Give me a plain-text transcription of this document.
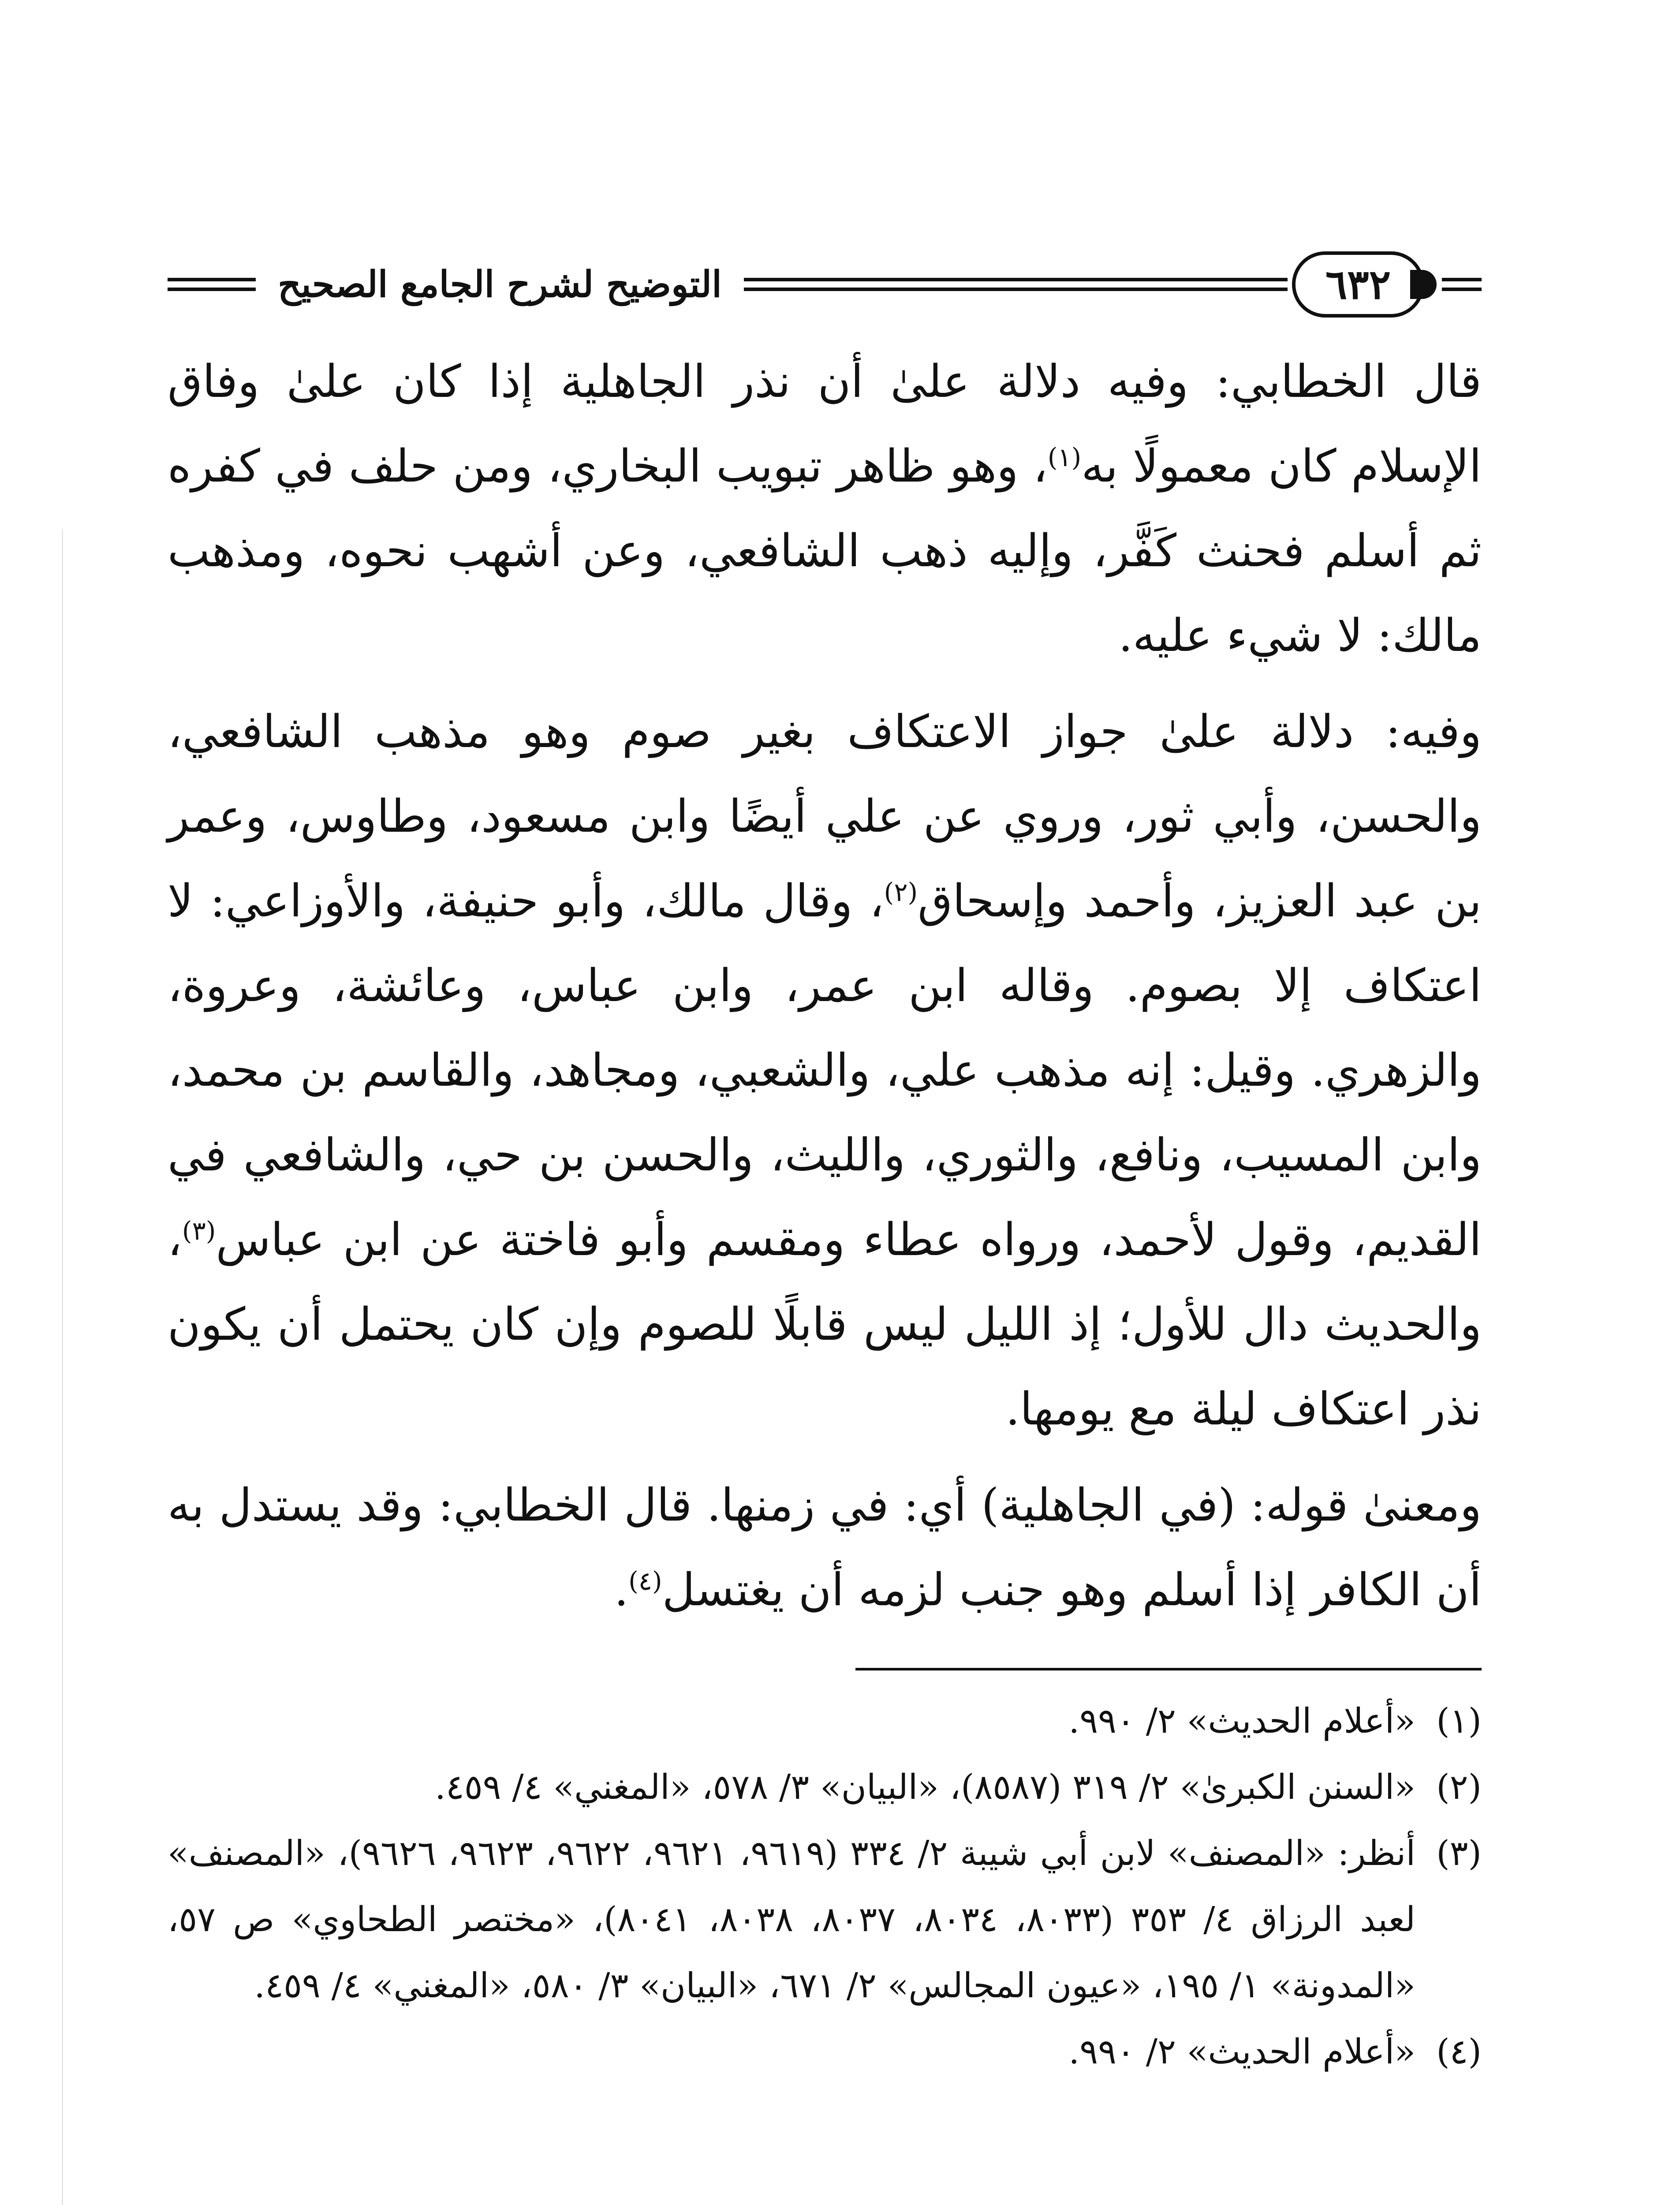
التوضيح لشرح الجامع الصحيح	٦٣٢

قال الخطابي: وفيه دلالة علىٰ أن نذر الجاهلية إذا كان علىٰ وفاق الإسلام كان معمولًا به$^{(١)}$، وهو ظاهر تبويب البخاري، ومن حلف في كفره ثم أسلم فحنث كَفَّر، وإليه ذهب الشافعي، وعن أشهب نحوه، ومذهب مالك: لا شيء عليه.

وفيه: دلالة علىٰ جواز الاعتكاف بغير صوم وهو مذهب الشافعي، والحسن، وأبي ثور، وروي عن علي أيضًا وابن مسعود، وطاوس، وعمر بن عبد العزيز، وأحمد وإسحاق$^{(٢)}$، وقال مالك، وأبو حنيفة، والأوزاعي: لا اعتكاف إلا بصوم. وقاله ابن عمر، وابن عباس، وعائشة، وعروة، والزهري. وقيل: إنه مذهب علي، والشعبي، ومجاهد، والقاسم بن محمد، وابن المسيب، ونافع، والثوري، والليث، والحسن بن حي، والشافعي في القديم، وقول لأحمد، ورواه عطاء ومقسم وأبو فاختة عن ابن عباس$^{(٣)}$، والحديث دال للأول؛ إذ الليل ليس قابلًا للصوم وإن كان يحتمل أن يكون نذر اعتكاف ليلة مع يومها.

ومعنىٰ قوله: (في الجاهلية) أي: في زمنها. قال الخطابي: وقد يستدل به أن الكافر إذا أسلم وهو جنب لزمه أن يغتسل$^{(٤)}$.

(١)
«أعلام الحديث» ٢/ ٩٩٠.
(٢)
«السنن الكبرىٰ» ٢/ ٣١٩ (٨٥٨٧)، «البيان» ٣/ ٥٧٨، «المغني» ٤/ ٤٥٩.
(٣)
أنظر: «المصنف» لابن أبي شيبة ٢/ ٣٣٤ (٩٦١٩، ٩٦٢١، ٩٦٢٢، ٩٦٢٣، ٩٦٢٦)، «المصنف» لعبد الرزاق ٤/ ٣٥٣ (٨٠٣٣، ٨٠٣٤، ٨٠٣٧، ٨٠٣٨، ٨٠٤١)، «مختصر الطحاوي» ص ٥٧، «المدونة» ١/ ١٩٥، «عيون المجالس» ٢/ ٦٧١، «البيان» ٣/ ٥٨٠، «المغني» ٤/ ٤٥٩.
(٤)
«أعلام الحديث» ٢/ ٩٩٠.
